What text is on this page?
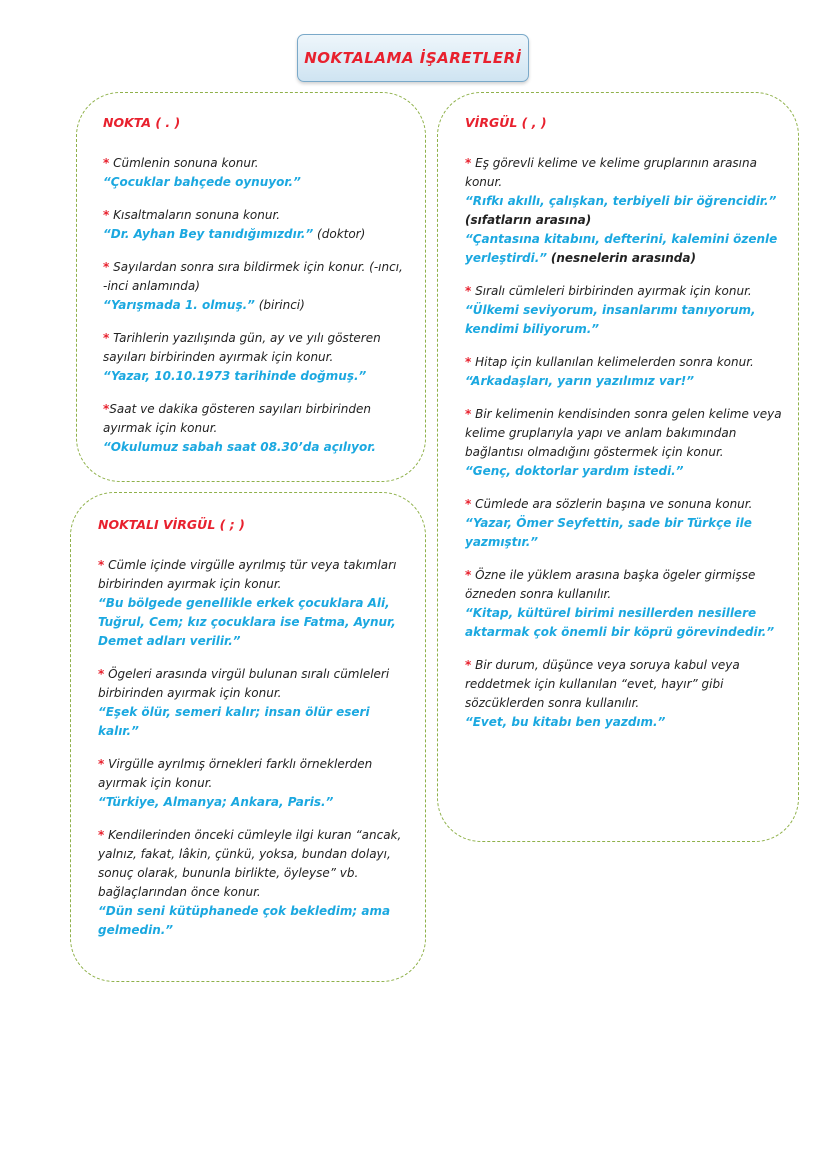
NOKTALAMA İŞARETLERİ
NOKTA ( . )
* Cümlenin sonuna konur.
“Çocuklar bahçede oynuyor.”
* Kısaltmaların sonuna konur.
“Dr. Ayhan Bey tanıdığımızdır.” (doktor)
* Sayılardan sonra sıra bildirmek için konur. (-ıncı, -inci anlamında)
“Yarışmada 1. olmuş.” (birinci)
* Tarihlerin yazılışında gün, ay ve yılı gösteren sayıları birbirinden ayırmak için konur.
“Yazar, 10.10.1973 tarihinde doğmuş.”
*Saat ve dakika gösteren sayıları birbirinden ayırmak için konur.
“Okulumuz sabah saat 08.30’da açılıyor.
NOKTALI VİRGÜL ( ; )
* Cümle içinde virgülle ayrılmış tür veya takımları birbirinden ayırmak için konur.
“Bu bölgede genellikle erkek çocuklara Ali, Tuğrul, Cem; kız çocuklara ise Fatma, Aynur, Demet adları verilir.”
* Ögeleri arasında virgül bulunan sıralı cümleleri birbirinden ayırmak için konur.
“Eşek ölür, semeri kalır; insan ölür eseri kalır.”
* Virgülle ayrılmış örnekleri farklı örneklerden ayırmak için konur.
“Türkiye, Almanya; Ankara, Paris.”
* Kendilerinden önceki cümleyle ilgi kuran “ancak, yalnız, fakat, lâkin, çünkü, yoksa, bundan dolayı, sonuç olarak, bununla birlikte, öyleyse” vb. bağlaçlarından önce konur.
“Dün seni kütüphanede çok bekledim; ama gelmedin.”
VİRGÜL ( , )
* Eş görevli kelime ve kelime gruplarının arasına konur.
“Rıfkı akıllı, çalışkan, terbiyeli bir öğrencidir.” (sıfatların arasına)
“Çantasına kitabını, defterini, kalemini özenle yerleştirdi.” (nesnelerin arasında)
* Sıralı cümleleri birbirinden ayırmak için konur.
“Ülkemi seviyorum, insanlarımı tanıyorum, kendimi biliyorum.”
* Hitap için kullanılan kelimelerden sonra konur.
“Arkadaşları, yarın yazılımız var!”
* Bir kelimenin kendisinden sonra gelen kelime veya kelime gruplarıyla yapı ve anlam bakımından bağlantısı olmadığını göstermek için konur.
“Genç, doktorlar yardım istedi.”
* Cümlede ara sözlerin başına ve sonuna konur.
“Yazar, Ömer Seyfettin, sade bir Türkçe ile yazmıştır.”
* Özne ile yüklem arasına başka ögeler girmişse özneden sonra kullanılır.
“Kitap, kültürel birimi nesillerden nesillere aktarmak çok önemli bir köprü görevindedir.”
* Bir durum, düşünce veya soruya kabul veya reddetmek için kullanılan “evet, hayır” gibi sözcüklerden sonra kullanılır.
“Evet, bu kitabı ben yazdım.”
